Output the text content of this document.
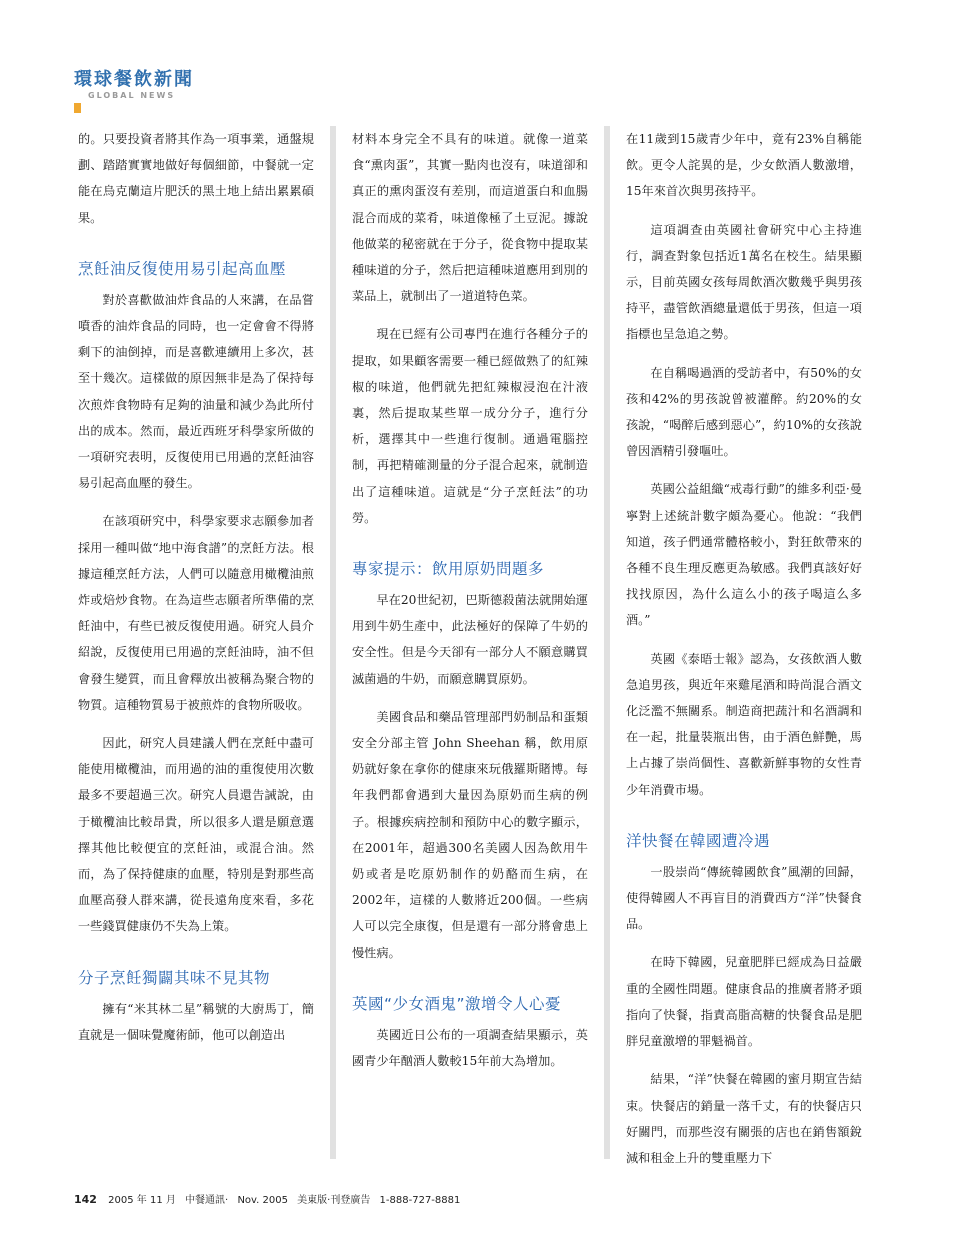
環球餐飲新聞
GLOBAL NEWS

的。只要投資者將其作為一項事業，通盤規劃、踏踏實實地做好每個細節，中餐就一定能在烏克蘭這片肥沃的黑土地上結出累累碩果。

烹飪油反復使用易引起高血壓

對於喜歡做油炸食品的人來講，在品嘗噴香的油炸食品的同時，也一定會會不得將剩下的油倒掉，而是喜歡連續用上多次，甚至十幾次。這樣做的原因無非是為了保持每次煎炸食物時有足夠的油量和減少為此所付出的成本。然而，最近西班牙科學家所做的一項研究表明，反復使用已用過的烹飪油容易引起高血壓的發生。

在該項研究中，科學家要求志願參加者採用一種叫做“地中海食譜”的烹飪方法。根據這種烹飪方法，人們可以隨意用橄欖油煎炸或焙炒食物。在為這些志願者所準備的烹飪油中，有些已被反復使用過。研究人員介紹說，反復使用已用過的烹飪油時，油不但會發生變質，而且會釋放出被稱為聚合物的物質。這種物質易于被煎炸的食物所吸收。

因此，研究人員建議人們在烹飪中盡可能使用橄欖油，而用過的油的重復使用次數最多不要超過三次。研究人員還告誡說，由于橄欖油比較昂貴，所以很多人還是願意選擇其他比較便宜的烹飪油，或混合油。然而，為了保持健康的血壓，特別是對那些高血壓高發人群來講，從長遠角度來看，多花一些錢買健康仍不失為上策。

分子烹飪獨闢其味不見其物

擁有“米其林二星”稱號的大廚馬丁，簡直就是一個味覺魔術師，他可以創造出

材料本身完全不具有的味道。就像一道菜食“熏肉蛋”，其實一點肉也沒有，味道卻和真正的熏肉蛋沒有差別，而這道蛋白和血腸混合而成的菜肴，味道像極了土豆泥。據說他做菜的秘密就在于分子，從食物中提取某種味道的分子，然后把這種味道應用到別的菜品上，就制出了一道道特色菜。

現在已經有公司專門在進行各種分子的提取，如果顧客需要一種已經做熟了的紅辣椒的味道，他們就先把紅辣椒浸泡在汁液裏，然后提取某些單一成分分子，進行分析，選擇其中一些進行復制。通過電腦控制，再把精確測量的分子混合起來，就制造出了這種味道。這就是“分子烹飪法”的功勞。

專家提示：飲用原奶問題多

早在20世紀初，巴斯德殺菌法就開始運用到牛奶生產中，此法極好的保障了牛奶的安全性。但是今天卻有一部分人不願意購買滅菌過的牛奶，而願意購買原奶。

美國食品和藥品管理部門奶制品和蛋類安全分部主管 John Sheehan 稱，飲用原奶就好象在拿你的健康來玩俄羅斯賭博。每年我們都會遇到大量因為原奶而生病的例子。根據疾病控制和預防中心的數字顯示，在2001年，超過300名美國人因為飲用牛奶或者是吃原奶制作的奶酪而生病，在2002年，這樣的人數將近200個。一些病人可以完全康復，但是還有一部分將會患上慢性病。

英國“少女酒鬼”激增令人心憂

英國近日公布的一項調查結果顯示，英國青少年酗酒人數較15年前大為增加。

在11歲到15歲青少年中，竟有23%自稱能飲。更令人詫異的是，少女飲酒人數激增，15年來首次與男孩持平。

這項調查由英國社會研究中心主持進行，調查對象包括近1萬名在校生。結果顯示，目前英國女孩每周飲酒次數幾乎與男孩持平，盡管飲酒總量還低于男孩，但這一項指標也呈急追之勢。

在自稱喝過酒的受訪者中，有50%的女孩和42%的男孩說曾被灌醉。約20%的女孩說，“喝醉后感到惡心”，約10%的女孩說曾因酒精引發嘔吐。

英國公益組織“戒毒行動”的維多利亞·曼寧對上述統計數字頗為憂心。他說：“我們知道，孩子們通常體格較小，對狂飲帶來的各種不良生理反應更為敏感。我們真該好好找找原因，為什么這么小的孩子喝這么多酒。”

英國《泰晤士報》認為，女孩飲酒人數急追男孩，與近年來雞尾酒和時尚混合酒文化泛濫不無關系。制造商把蔬汁和名酒調和在一起，批量裝瓶出售，由于酒色鮮艷，馬上占據了崇尚個性、喜歡新鮮事物的女性青少年消費市場。

洋快餐在韓國遭冷遇

一股崇尚“傳統韓國飲食”風潮的回歸，使得韓國人不再盲目的消費西方“洋”快餐食品。

在時下韓國，兒童肥胖已經成為日益嚴重的全國性問題。健康食品的推廣者將矛頭指向了快餐，指責高脂高糖的快餐食品是肥胖兒童激增的罪魁禍首。

結果，“洋”快餐在韓國的蜜月期宣告結束。快餐店的銷量一落千丈，有的快餐店只好關門，而那些沒有關張的店也在銷售額銳減和租金上升的雙重壓力下

142 2005 年 11 月 中餐通訊· Nov. 2005 美東版·刊登廣告 1-888-727-8881
